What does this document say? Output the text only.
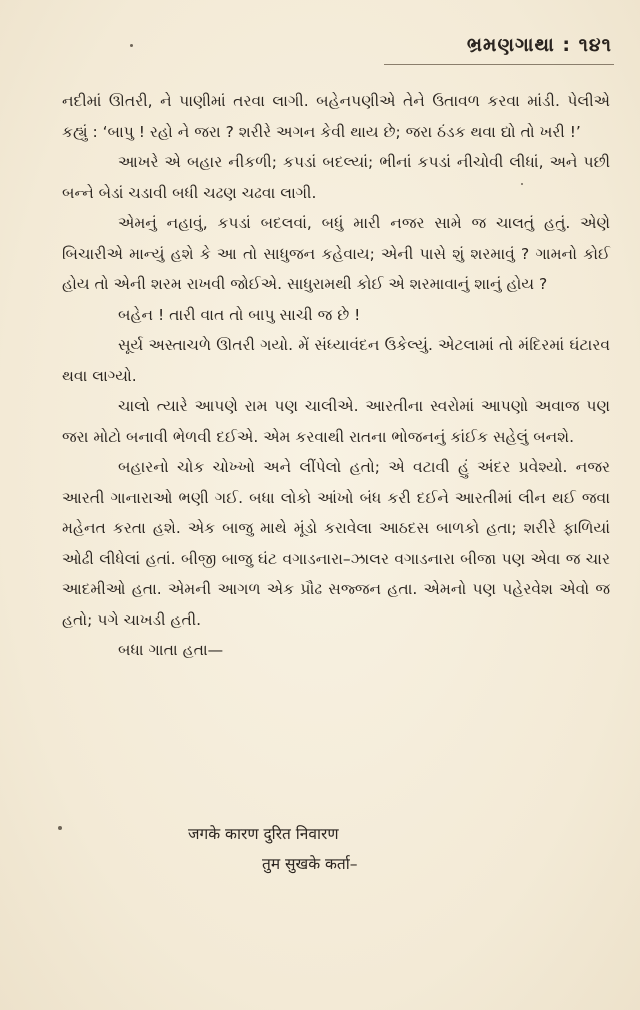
ભ્રમણગાથા : ૧૪૧

નદીમાં ઊતરી, ને પાણીમાં તરવા લાગી. બહેનપણીએ તેને ઉતાવળ કરવા માંડી. પેલીએ કહ્યું : ‘બાપુ ! રહો ને જરા ? શરીરે અગન કેવી થાય છે; જરા ઠંડક થવા દ્યો તો ખરી !’

આખરે એ બહાર નીકળી; કપડાં બદલ્યાં; ભીનાં કપડાં નીચોવી લીધાં, અને પછી બન્ને બેડાં ચડાવી બધી ચઢણ ચઢવા લાગી.

એમનું નહાવું, કપડાં બદલવાં, બધું મારી નજર સામે જ ચાલતું હતું. એણે બિચારીએ માન્યું હશે કે આ તો સાધુજન કહેવાય; એની પાસે શું શરમાવું ? ગામનો કોઈ હોય તો એની શરમ રાખવી જોઈએ. સાધુરામથી કોઈ એ શરમાવાનું શાનું હોય ?

બહેન ! તારી વાત તો બાપુ સાચી જ છે !

સૂર્ય અસ્તાચળે ઊતરી ગયો. મેં સંધ્યાવંદન ઉકેલ્યું. એટલામાં તો મંદિરમાં ઘંટારવ થવા લાગ્યો.

ચાલો ત્યારે આપણે રામ પણ ચાલીએ. આરતીના સ્વરોમાં આપણો અવાજ પણ જરા મોટો બનાવી ભેળવી દઈએ. એમ કરવાથી રાતના ભોજનનું કાંઈક સહેલું બનશે.

બહારનો ચોક ચોખ્ખો અને લીંપેલો હતો; એ વટાવી હું અંદર પ્રવેશ્યો. નજર આરતી ગાનારાઓ ભણી ગઈ. બધા લોકો આંખો બંધ કરી દઈને આરતીમાં લીન થઈ જવા મહેનત કરતા હશે. એક બાજુ માથે મૂંડો કરાવેલા આઠદસ બાળકો હતા; શરીરે ફાળિયાં ઓઢી લીધેલાં હતાં. બીજી બાજુ ઘંટ વગાડનારા–ઝાલર વગાડનારા બીજા પણ એવા જ ચાર આદમીઓ હતા. એમની આગળ એક પ્રૌઢ સજ્જન હતા. એમનો પણ પહેરવેશ એવો જ હતો; પગે ચાખડી હતી.

બધા ગાતા હતા—

जगके कारण दुरित निवारण
तुम सुखके कर्ता–
